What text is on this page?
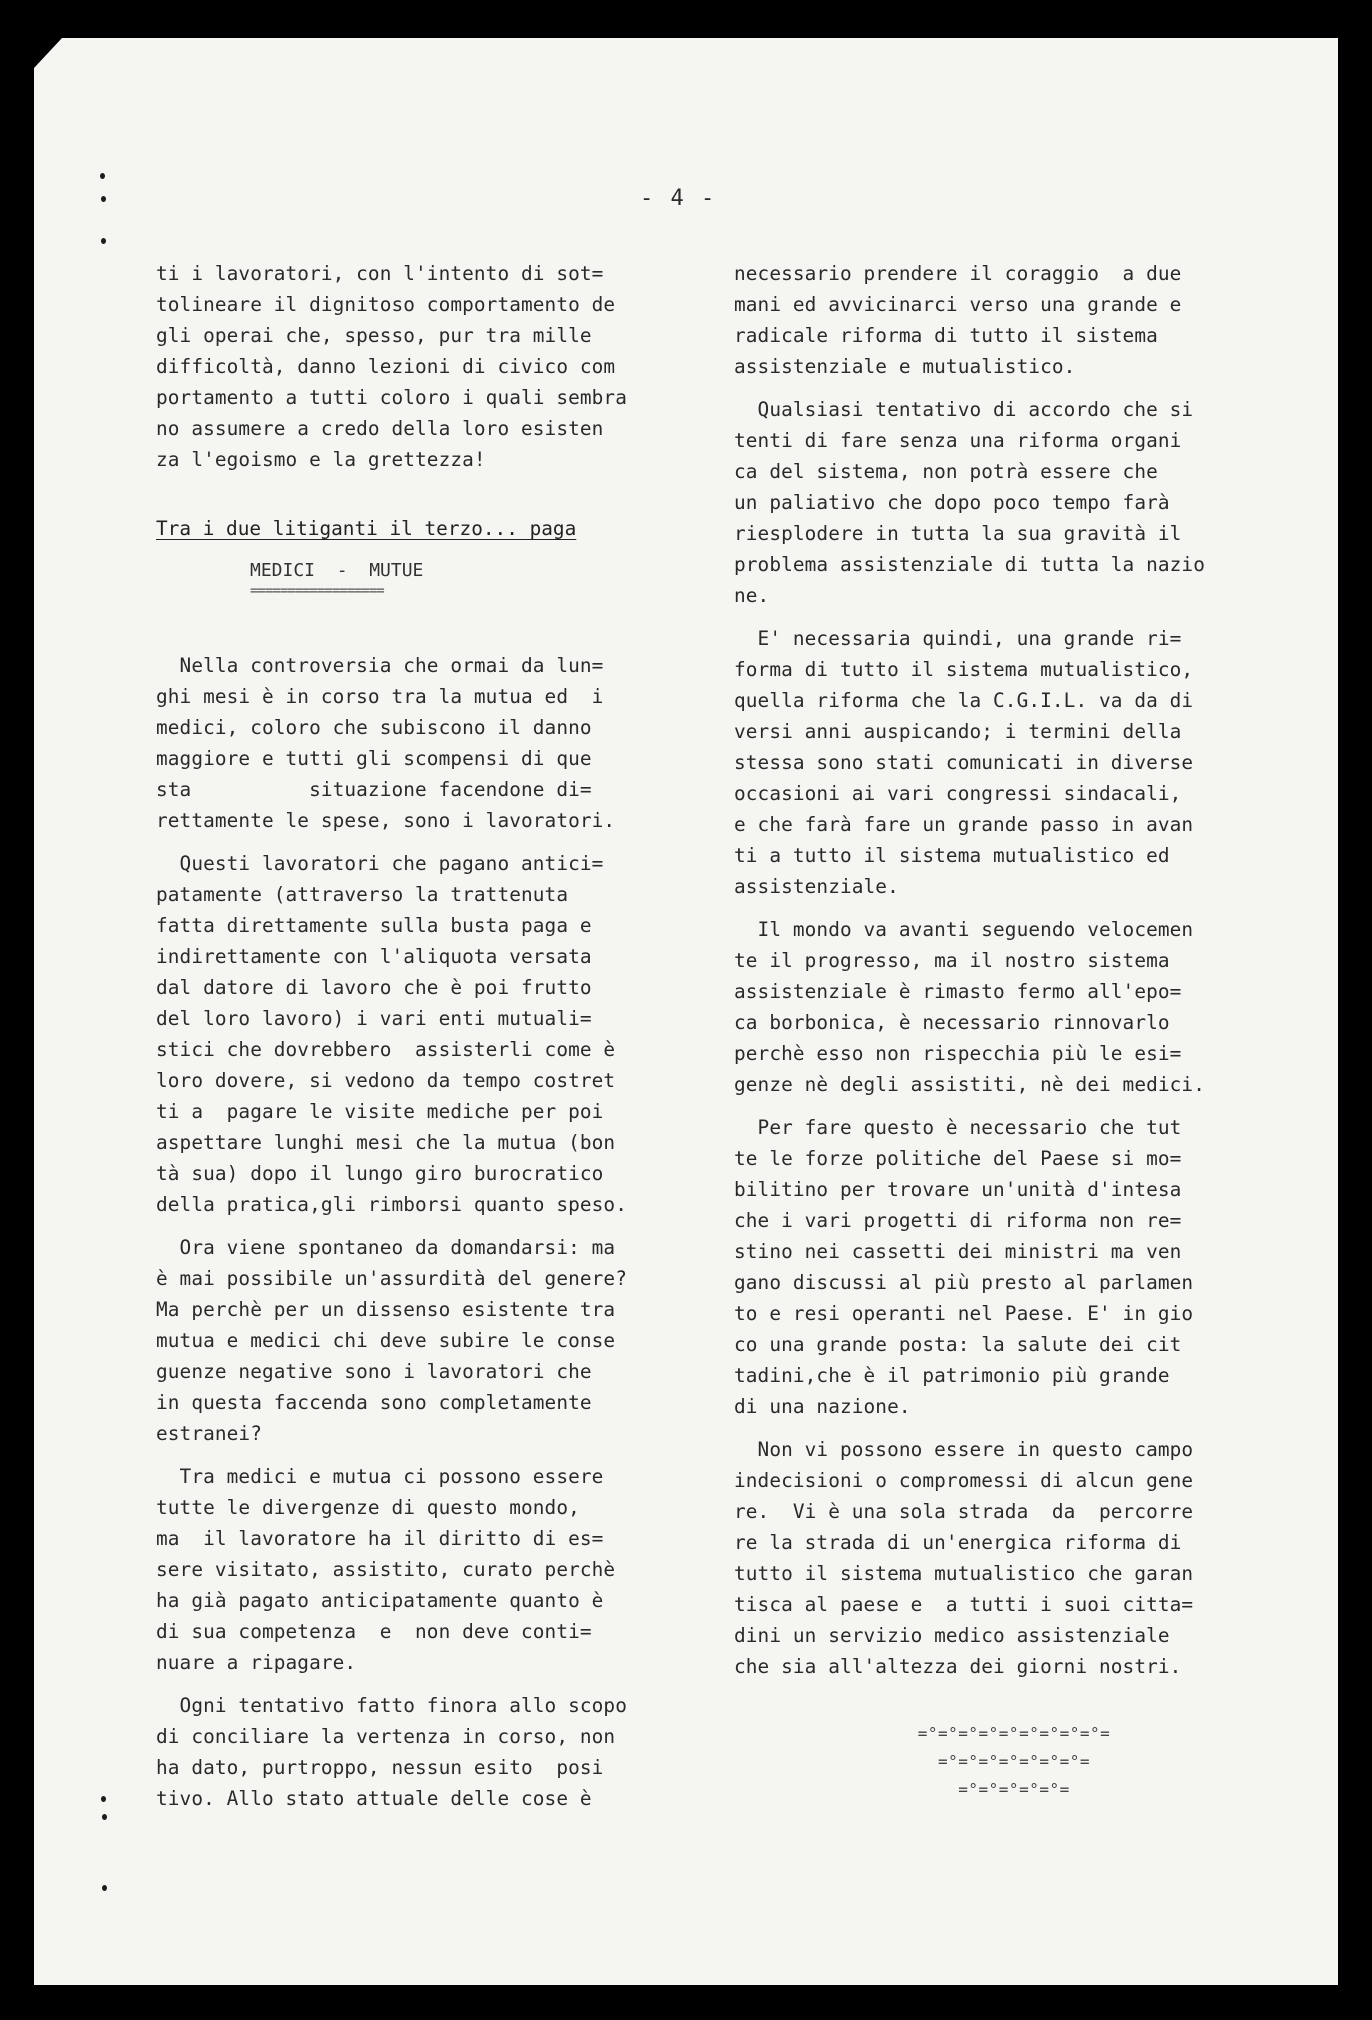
- 4 -
ti i lavoratori, con l'intento di sot=
tolineare il dignitoso comportamento de
gli operai che, spesso, pur tra mille
difficoltà, danno lezioni di civico com
portamento a tutti coloro i quali sembra
no assumere a credo della loro esisten
za l'egoismo e la grettezza!
Tra i due litiganti il terzo... paga
MEDICI  -  MUTUE
==================
Nella controversia che ormai da lun=
ghi mesi è in corso tra la mutua ed  i
medici, coloro che subiscono il danno
maggiore e tutti gli scompensi di que
sta          situazione facendone di=
rettamente le spese, sono i lavoratori.
Questi lavoratori che pagano antici=
patamente (attraverso la trattenuta
fatta direttamente sulla busta paga e
indirettamente con l'aliquota versata
dal datore di lavoro che è poi frutto
del loro lavoro) i vari enti mutuali=
stici che dovrebbero  assisterli come è
loro dovere, si vedono da tempo costret
ti a  pagare le visite mediche per poi
aspettare lunghi mesi che la mutua (bon
tà sua) dopo il lungo giro burocratico
della pratica,gli rimborsi quanto speso.
Ora viene spontaneo da domandarsi: ma
è mai possibile un'assurdità del genere?
Ma perchè per un dissenso esistente tra
mutua e medici chi deve subire le conse
guenze negative sono i lavoratori che
in questa faccenda sono completamente
estranei?
Tra medici e mutua ci possono essere
tutte le divergenze di questo mondo,
ma  il lavoratore ha il diritto di es=
sere visitato, assistito, curato perchè
ha già pagato anticipatamente quanto è
di sua competenza  e  non deve conti=
nuare a ripagare.
Ogni tentativo fatto finora allo scopo
di conciliare la vertenza in corso, non
ha dato, purtroppo, nessun esito  posi
tivo. Allo stato attuale delle cose è
necessario prendere il coraggio  a due
mani ed avvicinarci verso una grande e
radicale riforma di tutto il sistema
assistenziale e mutualistico.
Qualsiasi tentativo di accordo che si
tenti di fare senza una riforma organi
ca del sistema, non potrà essere che
un paliativo che dopo poco tempo farà
riesplodere in tutta la sua gravità il
problema assistenziale di tutta la nazio
ne.
E' necessaria quindi, una grande ri=
forma di tutto il sistema mutualistico,
quella riforma che la C.G.I.L. va da di
versi anni auspicando; i termini della
stessa sono stati comunicati in diverse
occasioni ai vari congressi sindacali,
e che farà fare un grande passo in avan
ti a tutto il sistema mutualistico ed
assistenziale.
Il mondo va avanti seguendo velocemen
te il progresso, ma il nostro sistema
assistenziale è rimasto fermo all'epo=
ca borbonica, è necessario rinnovarlo
perchè esso non rispecchia più le esi=
genze nè degli assistiti, nè dei medici.
Per fare questo è necessario che tut
te le forze politiche del Paese si mo=
bilitino per trovare un'unità d'intesa
che i vari progetti di riforma non re=
stino nei cassetti dei ministri ma ven
gano discussi al più presto al parlamen
to e resi operanti nel Paese. E' in gio
co una grande posta: la salute dei cit
tadini,che è il patrimonio più grande
di una nazione.
Non vi possono essere in questo campo
indecisioni o compromessi di alcun gene
re.  Vi è una sola strada  da  percorre
re la strada di un'energica riforma di
tutto il sistema mutualistico che garan
tisca al paese e  a tutti i suoi citta=
dini un servizio medico assistenziale
che sia all'altezza dei giorni nostri.
=°=°=°=°=°=°=°=°=°=
=°=°=°=°=°=°=°=
=°=°=°=°=°=
